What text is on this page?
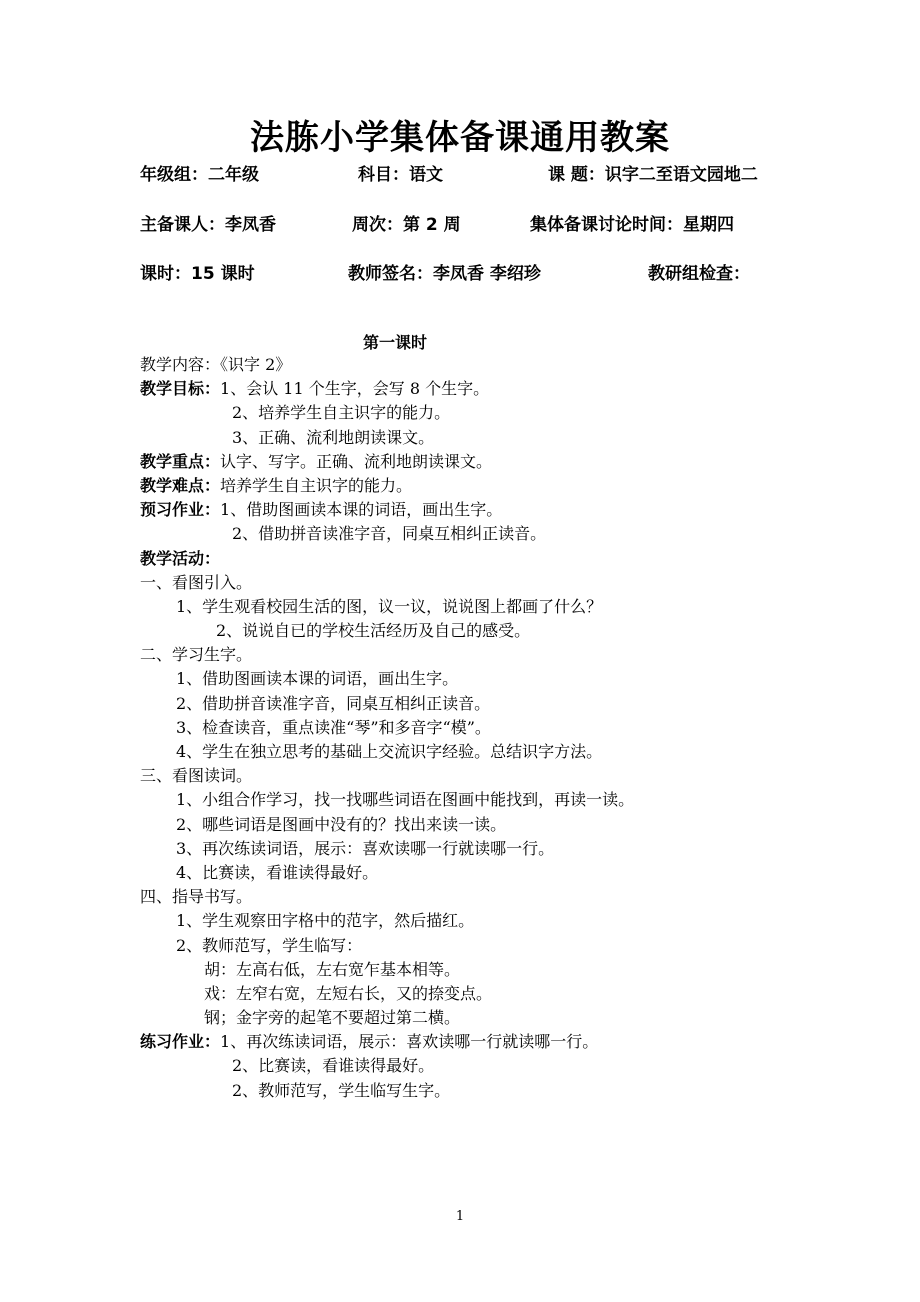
法胨小学集体备课通用教案
年级组：二年级	科目：语文	课 题：识字二至语文园地二
主备课人：李凤香	周次：第 2 周	集体备课讨论时间：星期四
课时：15 课时	教师签名：李凤香 李绍珍	教研组检查：
第一课时
教学内容：《识字 2》
教学目标：1、会认 11 个生字，会写 8 个生字。
2、培养学生自主识字的能力。
3、正确、流利地朗读课文。
教学重点：认字、写字。正确、流利地朗读课文。
教学难点：培养学生自主识字的能力。
预习作业：1、借助图画读本课的词语，画出生字。
2、借助拼音读准字音，同桌互相纠正读音。
教学活动：
一、看图引入。
1、学生观看校园生活的图，议一议，说说图上都画了什么？
2、说说自已的学校生活经历及自己的感受。
二、学习生字。
1、借助图画读本课的词语，画出生字。
2、借助拼音读准字音，同桌互相纠正读音。
3、检查读音，重点读准“琴”和多音字“模”。
4、学生在独立思考的基础上交流识字经验。总结识字方法。
三、看图读词。
1、小组合作学习，找一找哪些词语在图画中能找到，再读一读。
2、哪些词语是图画中没有的？找出来读一读。
3、再次练读词语，展示：喜欢读哪一行就读哪一行。
4、比赛读，看谁读得最好。
四、指导书写。
1、学生观察田字格中的范字，然后描红。
2、教师范写，学生临写：
胡：左高右低，左右宽乍基本相等。
戏：左窄右宽，左短右长，又的捺变点。
钢；金字旁的起笔不要超过第二横。
练习作业：1、再次练读词语，展示：喜欢读哪一行就读哪一行。
2、比赛读，看谁读得最好。
2、教师范写，学生临写生字。
1
